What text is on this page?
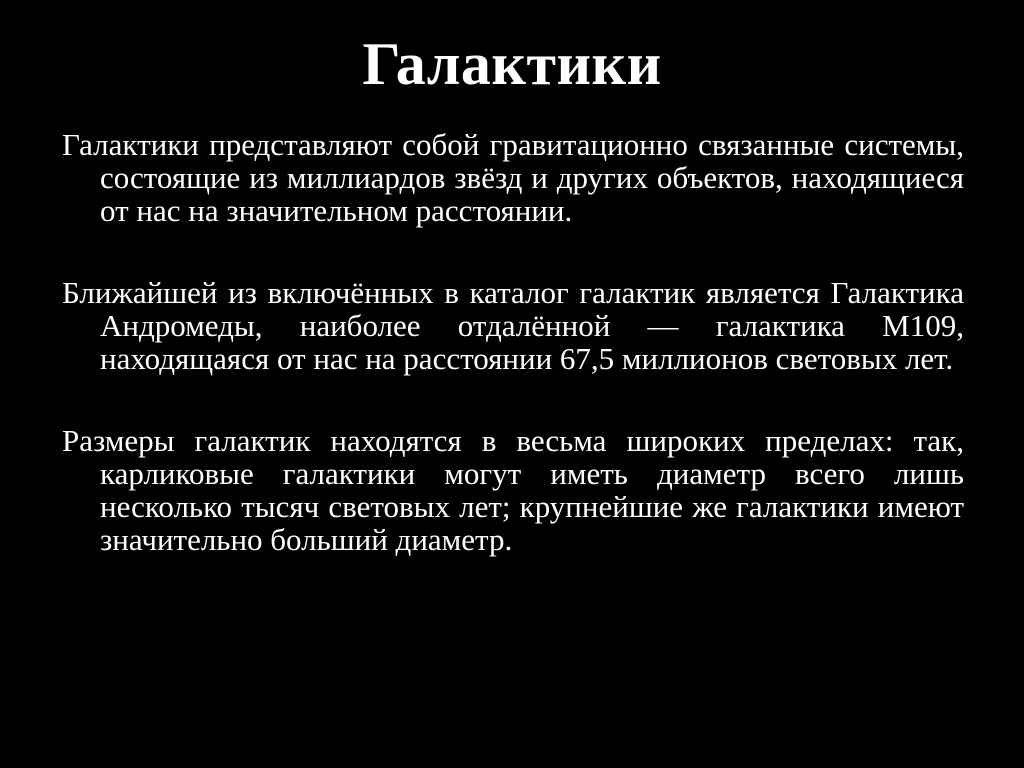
Галактики

Галактики представляют собой гравитационно связанные системы, состоящие из миллиардов звёзд и других объектов, находящиеся от нас на значительном расстоянии.

Ближайшей из включённых в каталог галактик является Галактика Андромеды, наиболее отдалённой — галактика M109, находящаяся от нас на расстоянии 67,5 миллионов световых лет.

Размеры галактик находятся в весьма широких пределах: так, карликовые галактики могут иметь диаметр всего лишь несколько тысяч световых лет; крупнейшие же галактики имеют значительно больший диаметр.
